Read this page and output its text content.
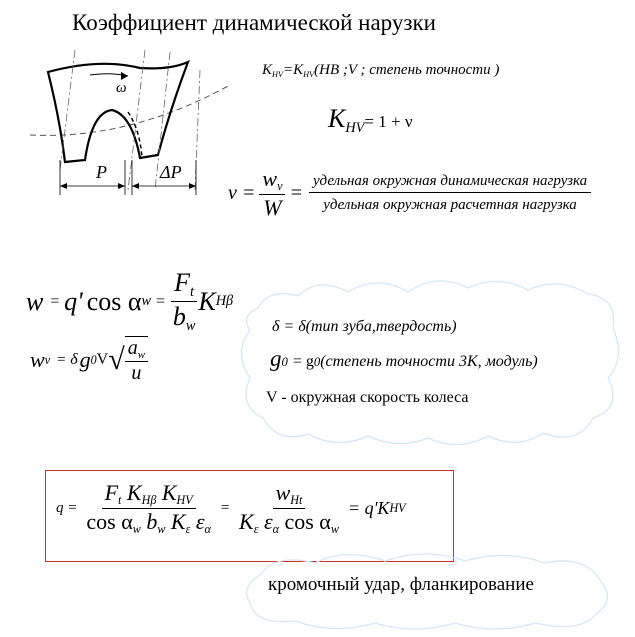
Коэффициент динамической нарузки
ω
P	ΔP
$K_{HV}=K_{HV}(HB$ ;V ; степень точности )
$K_{HV}= 1 + \nu$
$\nu = \frac{w_v}{W} = \frac{\text{удельная окружная динамическая нагрузка}}{\text{удельная окружная расчетная нагрузка}}$
w = q' cos α $w = \frac{F_t}{b_w}$ K Hβ
w v = δ g 0 V √ $\frac{a_w}{u}$
δ = δ(тип зуба,твердость)
g 0 = g 0 (степень точности 3К, модуль)
V - окружная скорость колеса
$q = \frac{F_t K_{H\beta} K_{HV}}{\cos \alpha_w b_w K_\varepsilon \varepsilon_\alpha} = \frac{w_{Ht}}{K_\varepsilon \varepsilon_\alpha \cos \alpha_w} = q'K$ HV
кромочный удар, фланкирование
